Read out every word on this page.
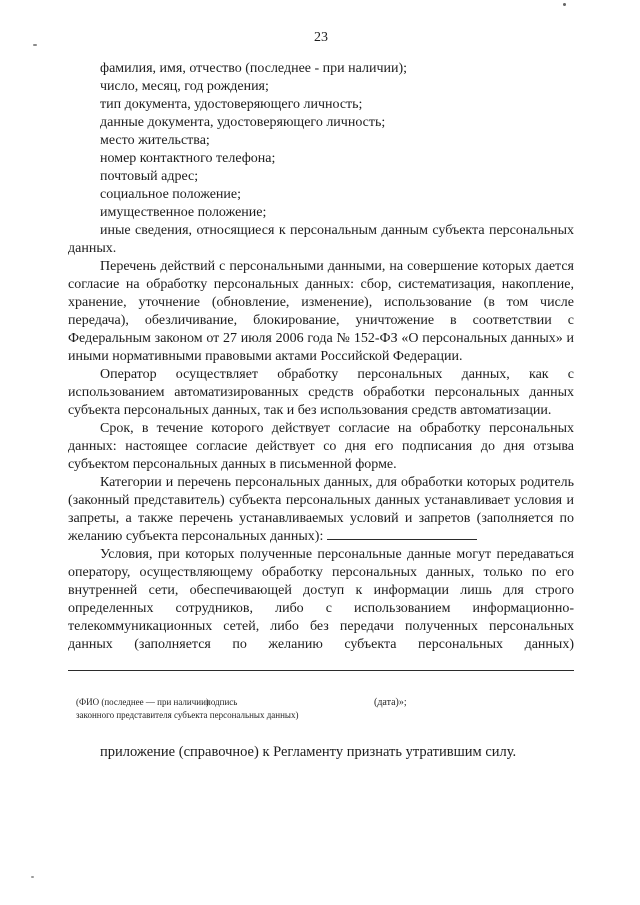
23
фамилия, имя, отчество (последнее - при наличии);
число, месяц, год рождения;
тип документа, удостоверяющего личность;
данные документа, удостоверяющего личность;
место жительства;
номер контактного телефона;
почтовый адрес;
социальное положение;
имущественное положение;
иные сведения, относящиеся к персональным данным субъекта персональных данных.
Перечень действий с персональными данными, на совершение которых дается согласие на обработку персональных данных: сбор, систематизация, накопление, хранение, уточнение (обновление, изменение), использование (в том числе передача), обезличивание, блокирование, уничтожение в соответствии с Федеральным законом от 27 июля 2006 года № 152-ФЗ «О персональных данных» и иными нормативными правовыми актами Российской Федерации.
Оператор осуществляет обработку персональных данных, как с использованием автоматизированных средств обработки персональных данных субъекта персональных данных, так и без использования средств автоматизации.
Срок, в течение которого действует согласие на обработку персональных данных: настоящее согласие действует со дня его подписания до дня отзыва субъектом персональных данных в письменной форме.
Категории и перечень персональных данных, для обработки которых родитель (законный представитель) субъекта персональных данных устанавливает условия и запреты, а также перечень устанавливаемых условий и запретов (заполняется по желанию субъекта персональных данных):
Условия, при которых полученные персональные данные могут передаваться оператору, осуществляющему обработку персональных данных, только по его внутренней сети, обеспечивающей доступ к информации лишь для строго определенных сотрудников, либо с использованием информационно-телекоммуникационных сетей, либо без передачи полученных персональных данных (заполняется по желанию субъекта персональных данных)
(ФИО (последнее — при наличии)
подпись	(дата)»;
законного представителя субъекта персональных данных)
приложение (справочное) к Регламенту признать утратившим силу.
